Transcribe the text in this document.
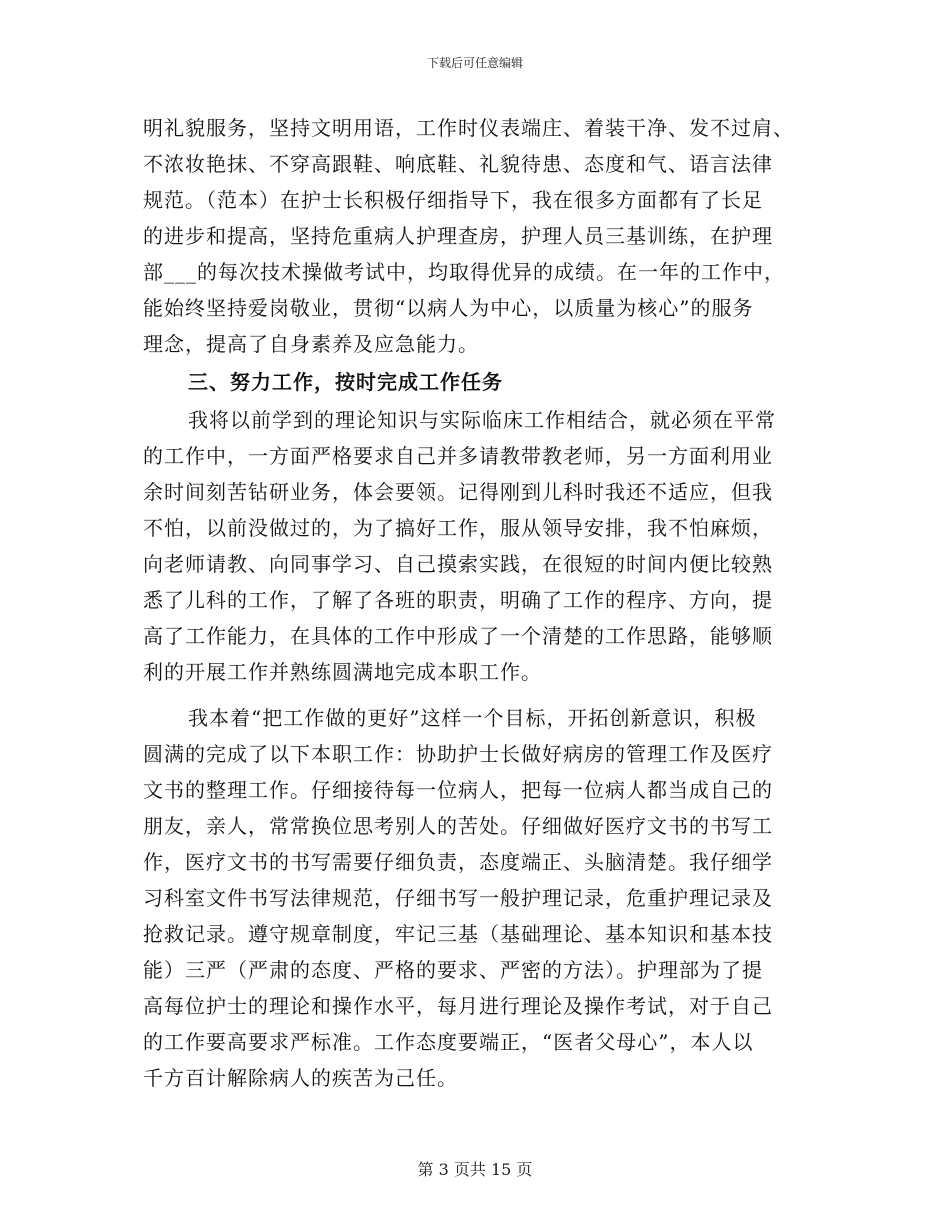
下载后可任意编辑
明礼貌服务，坚持文明用语，工作时仪表端庄、着装干净、发不过肩、
不浓妆艳抹、不穿高跟鞋、响底鞋、礼貌待患、态度和气、语言法律
规范。（范本）在护士长积极仔细指导下，我在很多方面都有了长足
的进步和提高，坚持危重病人护理查房，护理人员三基训练，在护理
部___的每次技术操做考试中，均取得优异的成绩。在一年的工作中，
能始终坚持爱岗敬业，贯彻“以病人为中心，以质量为核心”的服务
理念，提高了自身素养及应急能力。
三、努力工作，按时完成工作任务
我将以前学到的理论知识与实际临床工作相结合，就必须在平常
的工作中，一方面严格要求自己并多请教带教老师，另一方面利用业
余时间刻苦钻研业务，体会要领。记得刚到儿科时我还不适应，但我
不怕，以前没做过的，为了搞好工作，服从领导安排，我不怕麻烦，
向老师请教、向同事学习、自己摸索实践，在很短的时间内便比较熟
悉了儿科的工作，了解了各班的职责，明确了工作的程序、方向，提
高了工作能力，在具体的工作中形成了一个清楚的工作思路，能够顺
利的开展工作并熟练圆满地完成本职工作。
我本着“把工作做的更好”这样一个目标，开拓创新意识，积极
圆满的完成了以下本职工作：协助护士长做好病房的管理工作及医疗
文书的整理工作。仔细接待每一位病人，把每一位病人都当成自己的
朋友，亲人，常常换位思考别人的苦处。仔细做好医疗文书的书写工
作，医疗文书的书写需要仔细负责，态度端正、头脑清楚。我仔细学
习科室文件书写法律规范，仔细书写一般护理记录，危重护理记录及
抢救记录。遵守规章制度，牢记三基（基础理论、基本知识和基本技
能）三严（严肃的态度、严格的要求、严密的方法）。护理部为了提
高每位护士的理论和操作水平，每月进行理论及操作考试，对于自己
的工作要高要求严标准。工作态度要端正，“医者父母心”，本人以
千方百计解除病人的疾苦为己任。
第 3 页共 15 页
